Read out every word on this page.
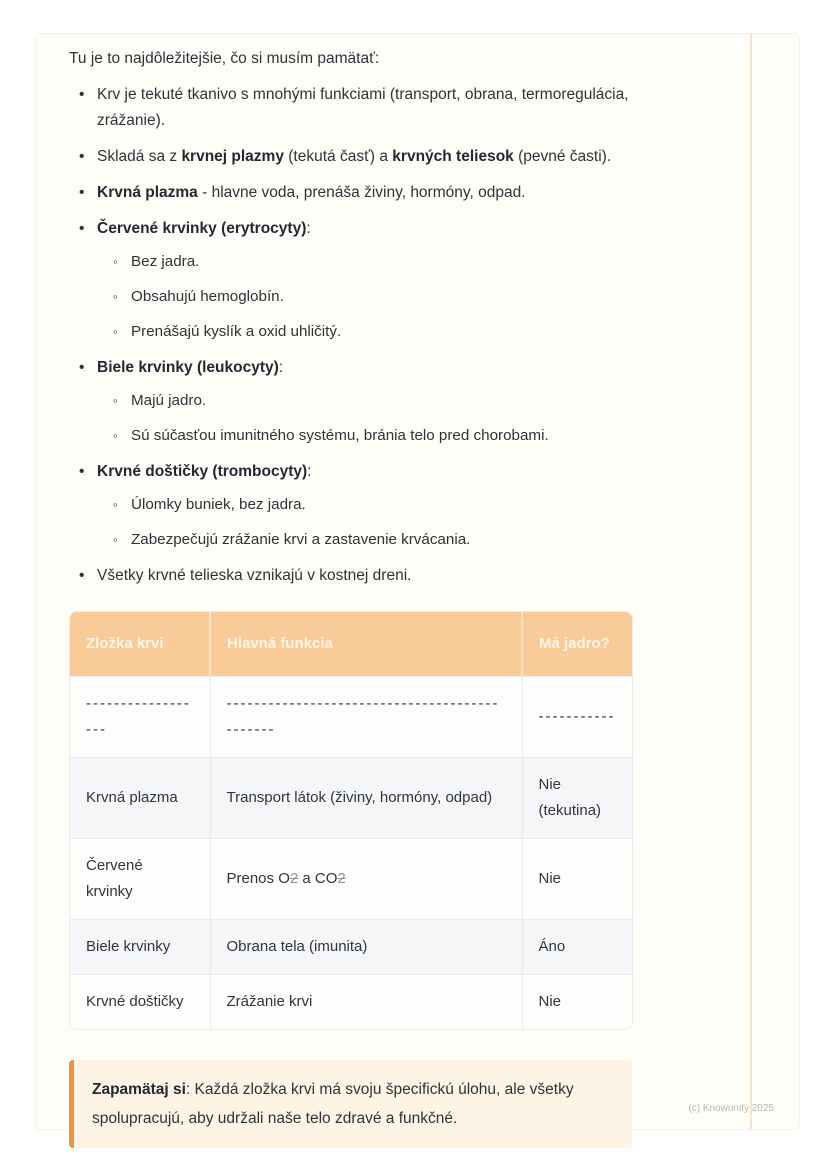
Tu je to najdôležitejšie, čo si musím pamätať:
• Krv je tekuté tkanivo s mnohými funkciami (transport, obrana, termoregulácia, zrážanie).
• Skladá sa z krvnej plazmy (tekutá časť) a krvných teliesok (pevné časti).
• Krvná plazma - hlavne voda, prenáša živiny, hormóny, odpad.
• Červené krvinky (erytrocyty):
◦ Bez jadra.
◦ Obsahujú hemoglobín.
◦ Prenášajú kyslík a oxid uhličitý.
• Biele krvinky (leukocyty):
◦ Majú jadro.
◦ Sú súčasťou imunitného systému, bránia telo pred chorobami.
• Krvné doštičky (trombocyty):
◦ Úlomky buniek, bez jadra.
◦ Zabezpečujú zrážanie krvi a zastavenie krvácania.
• Všetky krvné telieska vznikajú v kostnej dreni.
Zložka krvi	Hlavná funkcia	Má jadro?
------------------	----------------------------------------------	-----------
Krvná plazma	Transport látok (živiny, hormóny, odpad)	Nie (tekutina)
Červené krvinky	Prenos O2 a CO2	Nie
Biele krvinky	Obrana tela (imunita)	Áno
Krvné doštičky	Zrážanie krvi	Nie
Zapamätaj si: Každá zložka krvi má svoju špecifickú úlohu, ale všetky spolupracujú, aby udržali naše telo zdravé a funkčné.
(c) Knowunity 2025
